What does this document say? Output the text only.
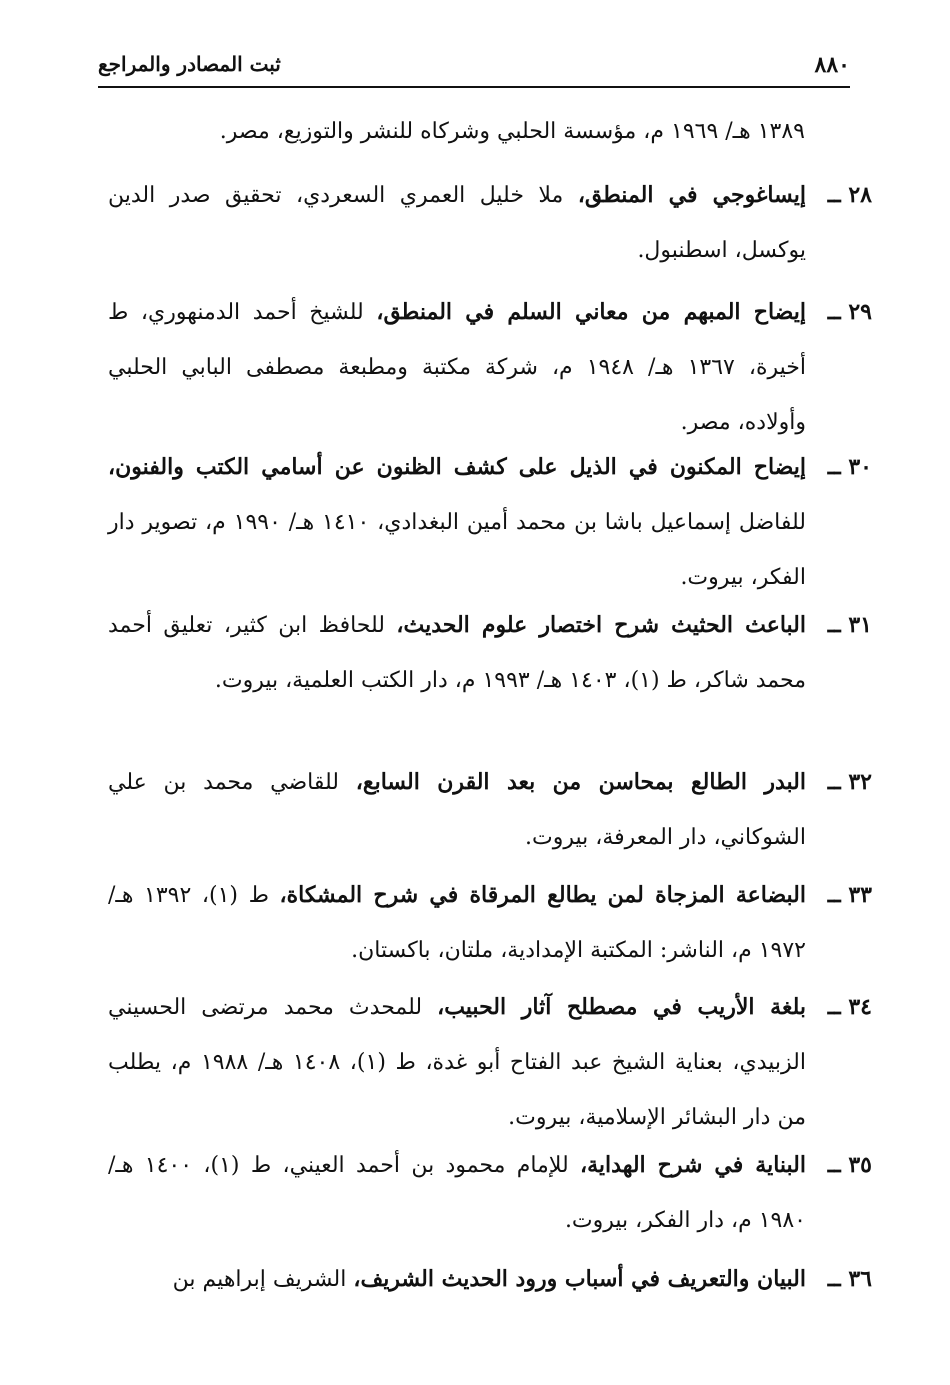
٨٨٠
ثبت المصادر والمراجع
١٣٨٩ هـ/ ١٩٦٩ م، مؤسسة الحلبي وشركاه للنشر والتوزيع، مصر.
٢٨ ــ
إيساغوجي في المنطق، ملا خليل العمري السعردي، تحقيق صدر الدين يوكسل، اسطنبول.
٢٩ ــ
إيضاح المبهم من معاني السلم في المنطق، للشيخ أحمد الدمنهوري، ط أخيرة، ١٣٦٧ هـ/ ١٩٤٨ م، شركة مكتبة ومطبعة مصطفى البابي الحلبي وأولاده، مصر.
٣٠ ــ
إيضاح المكنون في الذيل على كشف الظنون عن أسامي الكتب والفنون، للفاضل إسماعيل باشا بن محمد أمين البغدادي، ١٤١٠ هـ/ ١٩٩٠ م، تصوير دار الفكر، بيروت.
٣١ ــ
الباعث الحثيث شرح اختصار علوم الحديث، للحافظ ابن كثير، تعليق أحمد محمد شاكر، ط (١)، ١٤٠٣ هـ/ ١٩٩٣ م، دار الكتب العلمية، بيروت.
٣٢ ــ
البدر الطالع بمحاسن من بعد القرن السابع، للقاضي محمد بن علي الشوكاني، دار المعرفة، بيروت.
٣٣ ــ
البضاعة المزجاة لمن يطالع المرقاة في شرح المشكاة، ط (١)، ١٣٩٢ هـ/ ١٩٧٢ م، الناشر: المكتبة الإمدادية، ملتان، باكستان.
٣٤ ــ
بلغة الأريب في مصطلح آثار الحبيب، للمحدث محمد مرتضى الحسيني الزبيدي، بعناية الشيخ عبد الفتاح أبو غدة، ط (١)، ١٤٠٨ هـ/ ١٩٨٨ م، يطلب من دار البشائر الإسلامية، بيروت.
٣٥ ــ
البناية في شرح الهداية، للإمام محمود بن أحمد العيني، ط (١)، ١٤٠٠ هـ/ ١٩٨٠ م، دار الفكر، بيروت.
٣٦ ــ
البيان والتعريف في أسباب ورود الحديث الشريف، الشريف إبراهيم بن
